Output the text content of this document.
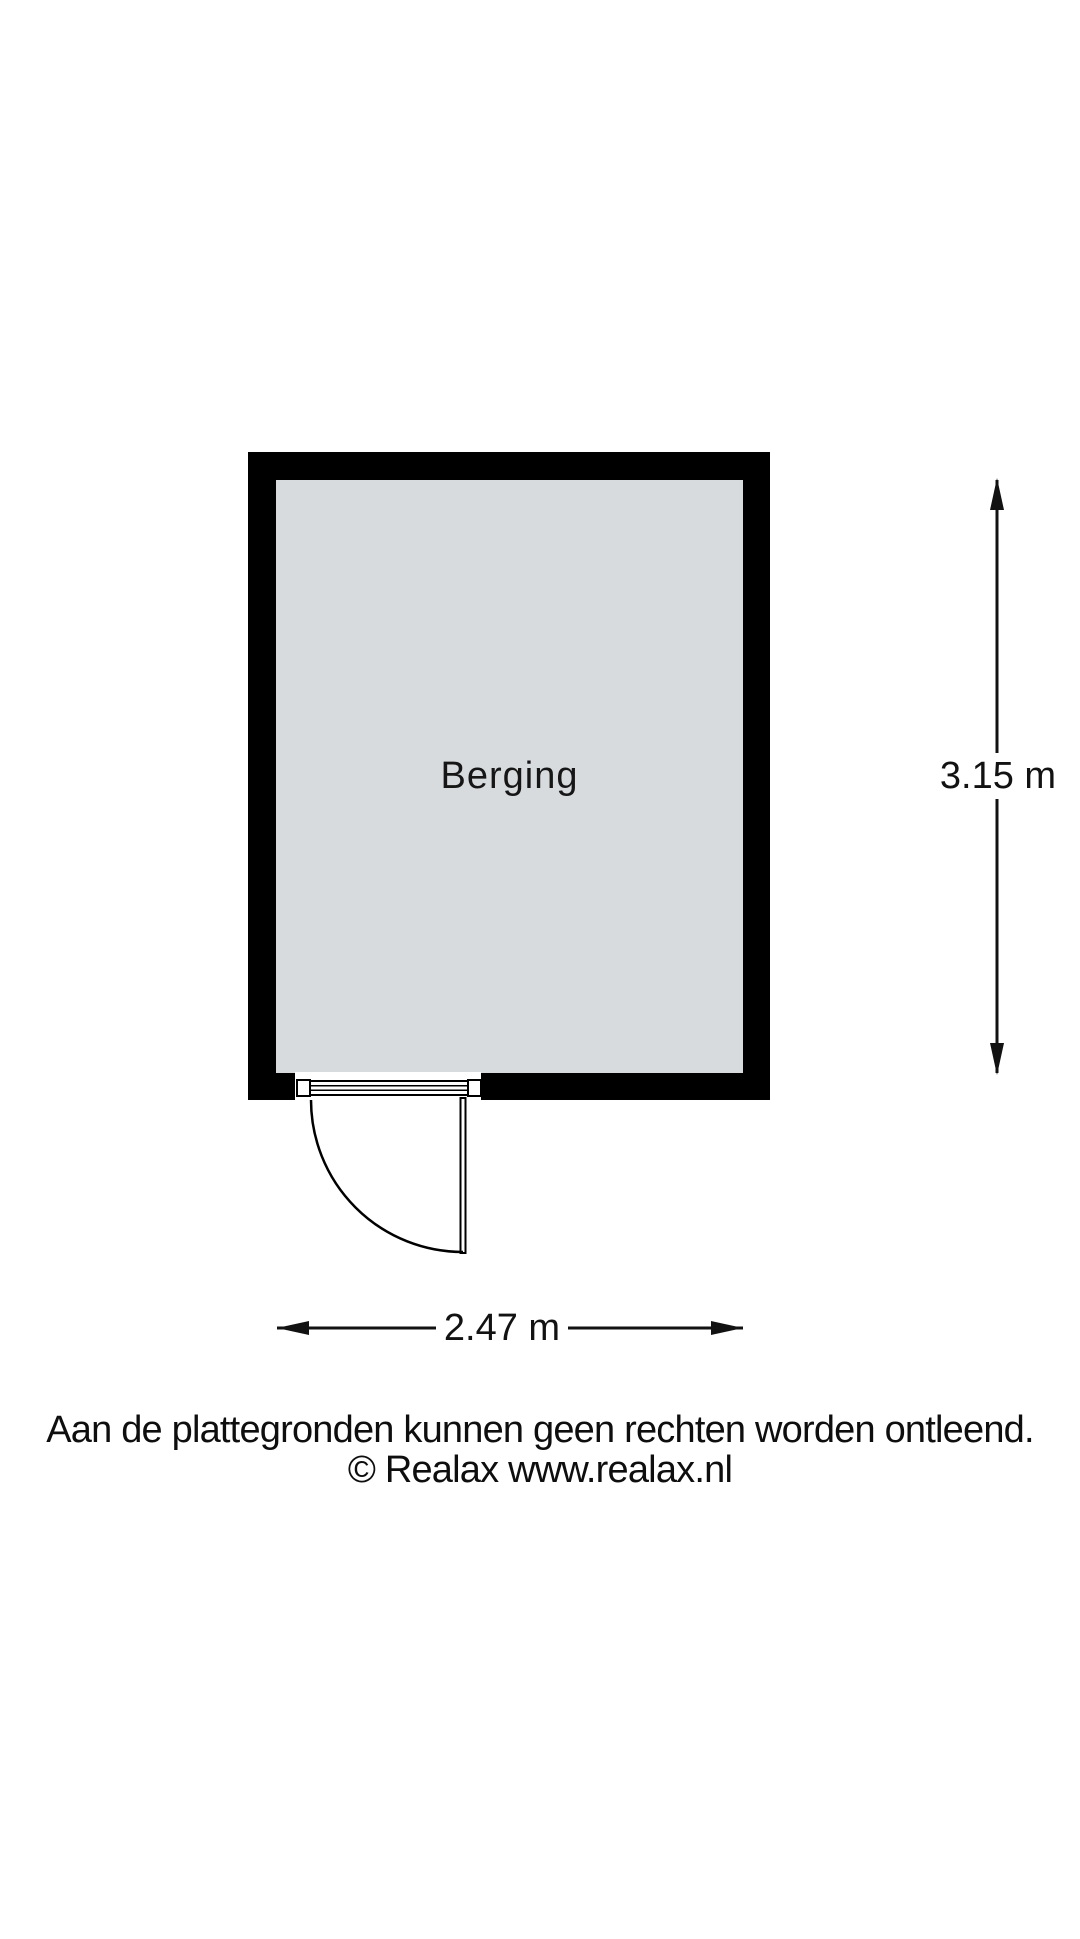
Berging	3.15 m
2.47 m
Aan de plattegronden kunnen geen rechten worden ontleend.
© Realax www.realax.nl
